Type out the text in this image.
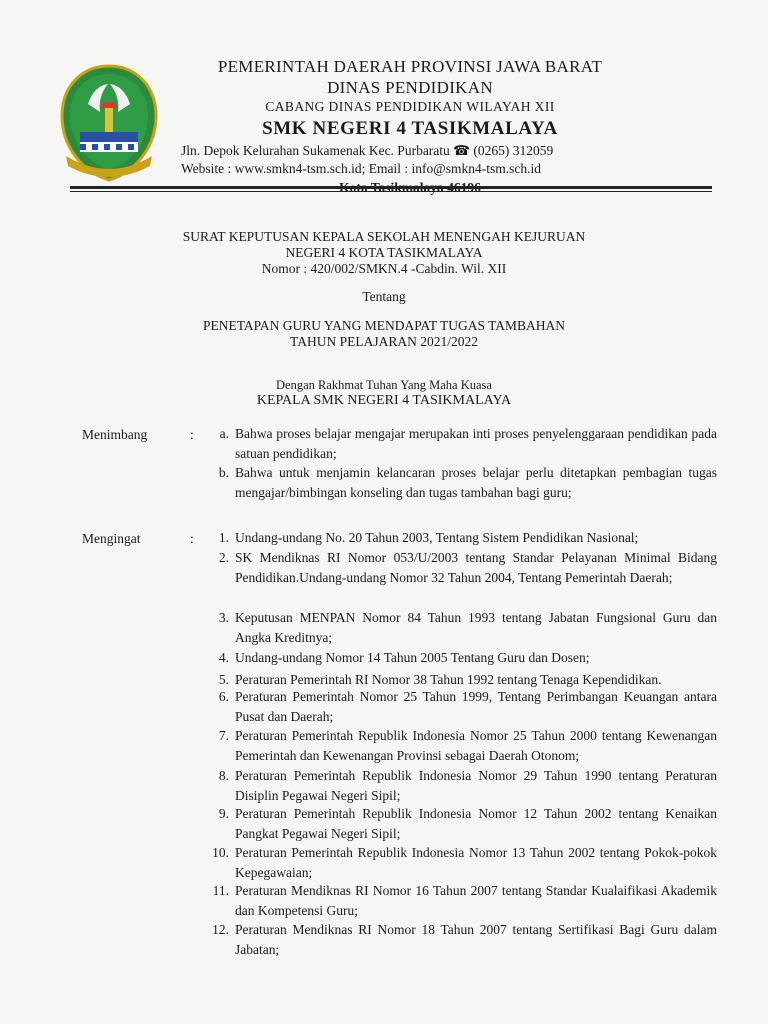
PEMERINTAH DAERAH PROVINSI JAWA BARAT
DINAS PENDIDIKAN
CABANG DINAS PENDIDIKAN WILAYAH XII
SMK NEGERI 4 TASIKMALAYA
Jln. Depok Kelurahan Sukamenak Kec. Purbaratu ☎ (0265) 312059
Website : www.smkn4-tsm.sch.id; Email : info@smkn4-tsm.sch.id
SURAT KEPUTUSAN KEPALA SEKOLAH MENENGAH KEJURUAN
NEGERI 4 KOTA TASIKMALAYA
Nomor : 420/002/SMKN.4 -Cabdin. Wil. XII
Tentang
PENETAPAN GURU YANG MENDAPAT TUGAS TAMBAHAN
TAHUN PELAJARAN 2021/2022
Dengan Rakhmat Tuhan Yang Maha Kuasa
KEPALA SMK NEGERI 4 TASIKMALAYA
Menimbang	:	a. Bahwa proses belajar mengajar merupakan inti proses penyelenggaraan pendidikan pada satuan pendidikan;
b. Bahwa untuk menjamin kelancaran proses belajar perlu ditetapkan pembagian tugas mengajar/bimbingan konseling dan tugas tambahan bagi guru;
Mengingat	:	1. Undang-undang No. 20 Tahun 2003, Tentang Sistem Pendidikan Nasional;
2. SK Mendiknas RI Nomor 053/U/2003 tentang Standar Pelayanan Minimal Bidang Pendidikan.Undang-undang Nomor 32 Tahun 2004, Tentang Pemerintah Daerah;
3. Keputusan MENPAN Nomor 84 Tahun 1993 tentang Jabatan Fungsional Guru dan Angka Kreditnya;
4. Undang-undang Nomor 14 Tahun 2005 Tentang Guru dan Dosen;
5. Peraturan Pemerintah RI Nomor 38 Tahun 1992 tentang Tenaga Kependidikan.
6. Peraturan Pemerintah Nomor 25 Tahun 1999, Tentang Perimbangan Keuangan antara Pusat dan Daerah;
7. Peraturan Pemerintah Republik Indonesia Nomor 25 Tahun 2000 tentang Kewenangan Pemerintah dan Kewenangan Provinsi sebagai Daerah Otonom;
8. Peraturan Pemerintah Republik Indonesia Nomor 29 Tahun 1990 tentang Peraturan Disiplin Pegawai Negeri Sipil;
9. Peraturan Pemerintah Republik Indonesia Nomor 12 Tahun 2002 tentang Kenaikan Pangkat Pegawai Negeri Sipil;
10. Peraturan Pemerintah Republik Indonesia Nomor 13 Tahun 2002 tentang Pokok-pokok Kepegawaian;
11. Peraturan Mendiknas RI Nomor 16 Tahun 2007 tentang Standar Kualaifikasi Akademik dan Kompetensi Guru;
12. Peraturan Mendiknas RI Nomor 18 Tahun 2007 tentang Sertifikasi Bagi Guru dalam Jabatan;
